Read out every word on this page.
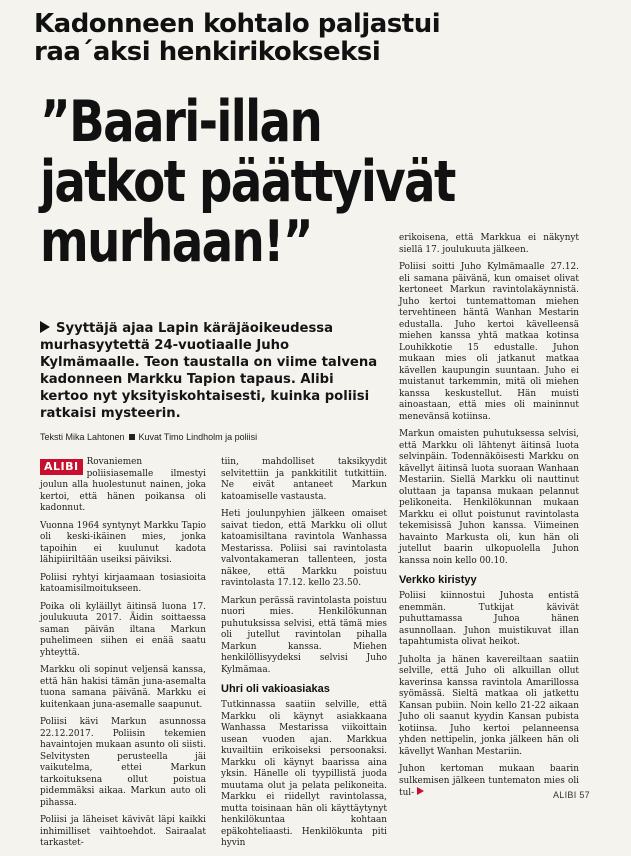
Kadonneen kohtalo paljastui
raa´aksi henkirikokseksi
”Baari-illan
jatkot päättyivät
murhaan!”
Syyttäjä ajaa Lapin käräjäoikeudessa murhasyytettä 24-vuotiaalle Juho Kylmämaalle. Teon taustalla on viime talvena kadonneen Markku Tapion tapaus. Alibi kertoo nyt yksityiskohtaisesti, kuinka poliisi ratkaisi mysteerin.
Teksti Mika Lahtonen Kuvat Timo Lindholm ja poliisi

ALIBI Rovaniemen poliisiasemalle ilmestyi joulun alla huolestunut nainen, joka kertoi, että hänen poikansa oli kadonnut.

Vuonna 1964 syntynyt Markku Tapio oli keski-ikäinen mies, jonka tapoihin ei kuulunut kadota lähipiiriltään useiksi päiviksi.

Poliisi ryhtyi kirjaamaan tosiasioita katoamisilmoitukseen.

Poika oli kyläillyt äitinsä luona 17. joulukuuta 2017. Äidin soittaessa saman päivän iltana Markun puhelimeen siihen ei enää saatu yhteyttä.

Markku oli sopinut veljensä kanssa, että hän hakisi tämän juna-asemalta tuona samana päivänä. Markku ei kuitenkaan juna-asemalle saapunut.

Poliisi kävi Markun asunnossa 22.12.2017. Poliisin tekemien havaintojen mukaan asunto oli siisti. Selvitysten perusteella jäi vaikutelma, ettei Markun tarkoituksena ollut poistua pidemmäksi aikaa. Markun auto oli pihassa.

Poliisi ja läheiset kävivät läpi kaikki inhimilliset vaihtoehdot. Sairaalat tarkastet-

tiin, mahdolliset taksikyydit selvitettiin ja pankkitilit tutkittiin. Ne eivät antaneet Markun katoamiselle vastausta.

Heti joulunpyhien jälkeen omaiset saivat tiedon, että Markku oli ollut katoamisiltana ravintola Wanhassa Mestarissa. Poliisi sai ravintolasta valvontakameran tallenteen, josta näkee, että Markku poistuu ravintolasta 17.12. kello 23.50.

Markun perässä ravintolasta poistuu nuori mies. Henkilökunnan puhutuksissa selvisi, että tämä mies oli jutellut ravintolan pihalla Markun kanssa. Miehen henkilöllisyydeksi selvisi Juho Kylmämaa.

Uhri oli vakioasiakas

Tutkinnassa saatiin selville, että Markku oli käynyt asiakkaana Wanhassa Mestarissa viikoittain usean vuoden ajan. Markkua kuvailtiin erikoiseksi persoonaksi. Markku oli käynyt baarissa aina yksin. Hänelle oli tyypillistä juoda muutama olut ja pelata pelikoneita. Markku ei riidellyt ravintolassa, mutta toisinaan hän oli käyttäytynyt henkilökuntaa kohtaan epäkohteliaasti. Henkilökunta piti hyvin

erikoisena, että Markkua ei näkynyt siellä 17. joulukuuta jälkeen.

Poliisi soitti Juho Kylmämaalle 27.12. eli samana päivänä, kun omaiset olivat kertoneet Markun ravintolakäynnistä. Juho kertoi tuntemattoman miehen tervehtineen häntä Wanhan Mestarin edustalla. Juho kertoi kävelleensä miehen kanssa yhtä matkaa kotinsa Louhikkotie 15 edustalle. Juhon mukaan mies oli jatkanut matkaa kävellen kaupungin suuntaan. Juho ei muistanut tarkemmin, mitä oli miehen kanssa keskustellut. Hän muisti ainoastaan, että mies oli maininnut menevänsä kotiinsa.

Markun omaisten puhutuksessa selvisi, että Markku oli lähtenyt äitinsä luota selvinpäin. Todennäköisesti Markku on kävellyt äitinsä luota suoraan Wanhaan Mestariin. Siellä Markku oli nauttinut oluttaan ja tapansa mukaan pelannut pelikoneita. Henkilökunnan mukaan Markku ei ollut poistunut ravintolasta tekemisissä Juhon kanssa. Viimeinen havainto Markusta oli, kun hän oli jutellut baarin ulkopuolella Juhon kanssa noin kello 00.10.

Verkko kiristyy

Poliisi kiinnostui Juhosta entistä enemmän. Tutkijat kävivät puhuttamassa Juhoa hänen asunnollaan. Juhon muistikuvat illan tapahtumista olivat heikot.

Juholta ja hänen kavereiltaan saatiin selville, että Juho oli alkuillan ollut kaverinsa kanssa ravintola Amarillossa syömässä. Sieltä matkaa oli jatkettu Kansan pubiin. Noin kello 21-22 aikaan Juho oli saanut kyydin Kansan pubista kotiinsa. Juho kertoi pelanneensa yhden nettipelin, jonka jälkeen hän oli kävellyt Wanhan Mestariin.

Juhon kertoman mukaan baarin sulkemisen jälkeen tuntematon mies oli tul-	ALIBI 57
